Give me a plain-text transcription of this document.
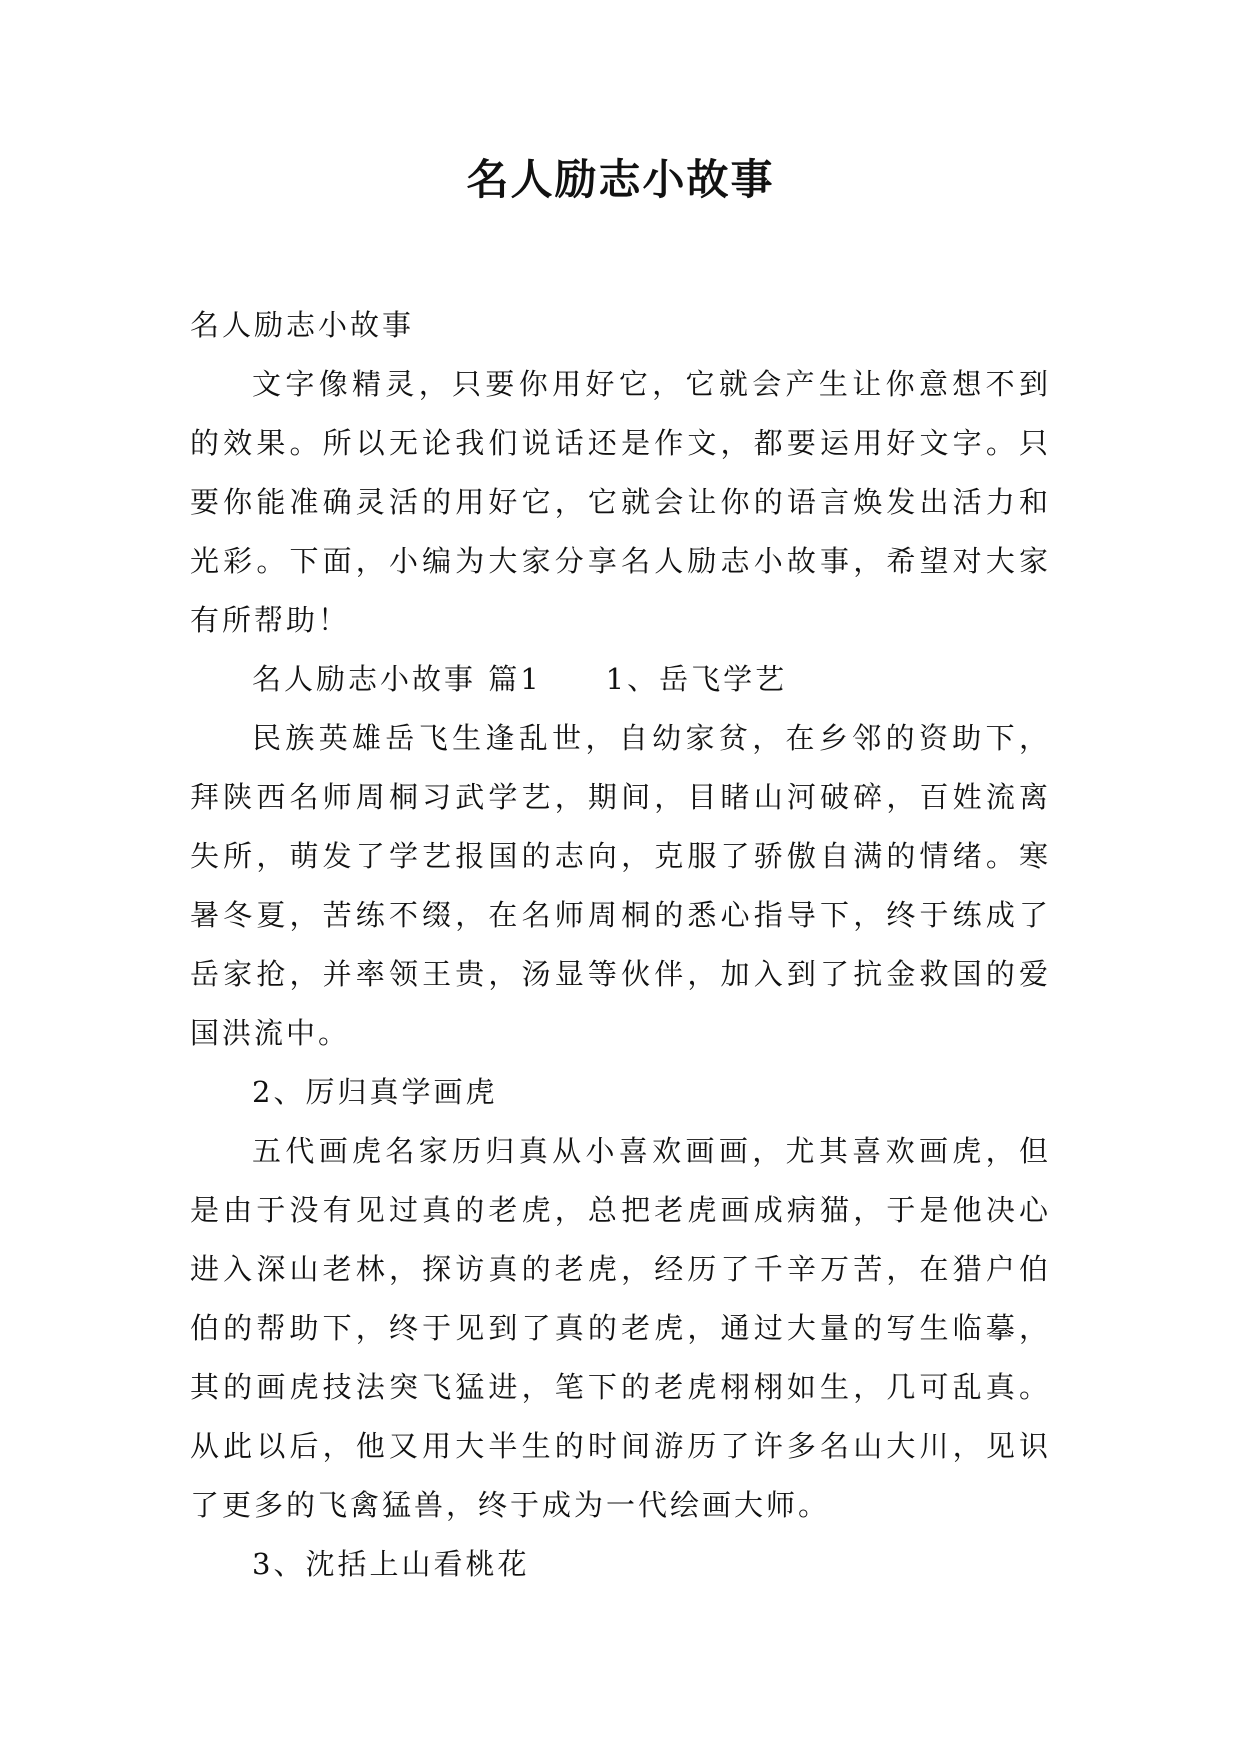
名人励志小故事

名人励志小故事

文字像精灵，只要你用好它，它就会产生让你意想不到的效果。所以无论我们说话还是作文，都要运用好文字。只要你能准确灵活的用好它，它就会让你的语言焕发出活力和光彩。下面，小编为大家分享名人励志小故事，希望对大家有所帮助！

名人励志小故事 篇1　　1、岳飞学艺

民族英雄岳飞生逢乱世，自幼家贫，在乡邻的资助下，拜陕西名师周桐习武学艺，期间，目睹山河破碎，百姓流离失所，萌发了学艺报国的志向，克服了骄傲自满的情绪。寒暑冬夏，苦练不缀，在名师周桐的悉心指导下，终于练成了岳家抢，并率领王贵，汤显等伙伴，加入到了抗金救国的爱国洪流中。

2、厉归真学画虎

五代画虎名家历归真从小喜欢画画，尤其喜欢画虎，但是由于没有见过真的老虎，总把老虎画成病猫，于是他决心进入深山老林，探访真的老虎，经历了千辛万苦，在猎户伯伯的帮助下，终于见到了真的老虎，通过大量的写生临摹，其的画虎技法突飞猛进，笔下的老虎栩栩如生，几可乱真。从此以后，他又用大半生的时间游历了许多名山大川，见识了更多的飞禽猛兽，终于成为一代绘画大师。

3、沈括上山看桃花
